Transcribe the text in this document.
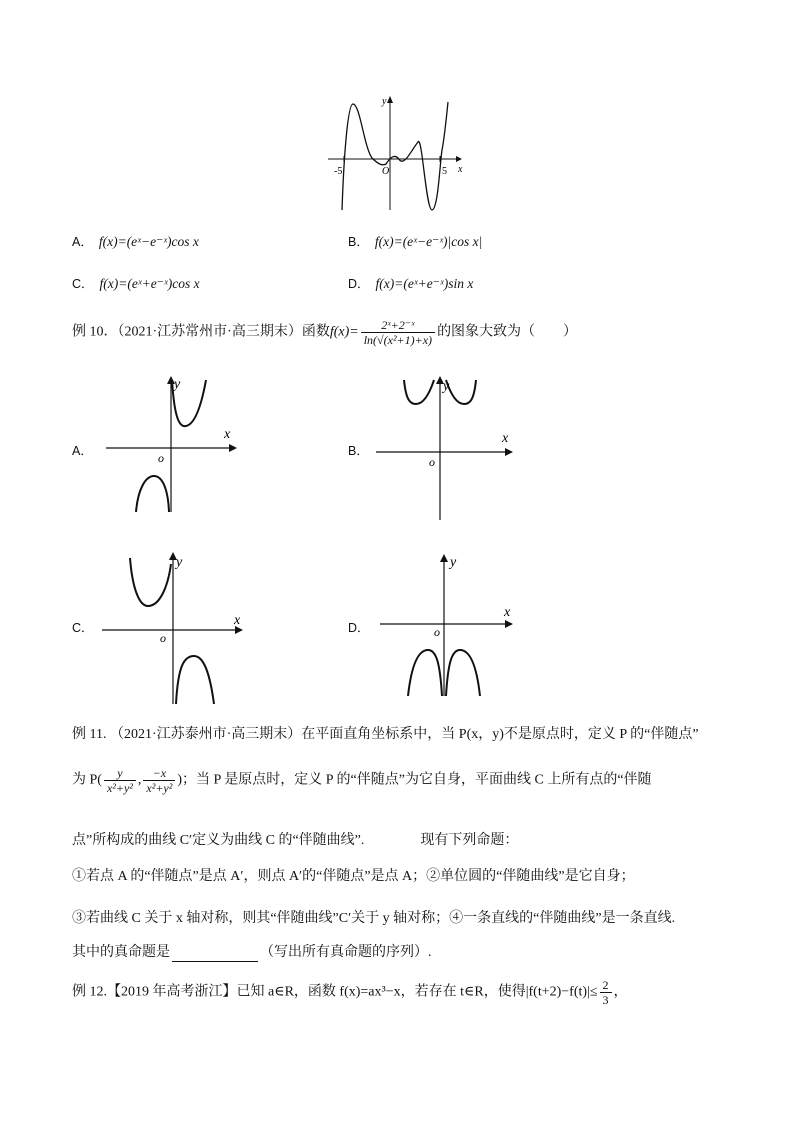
y
x
O
-5	5
A． f(x)=(eˣ−e⁻ˣ)cos x	B． f(x)=(eˣ−e⁻ˣ)|cos x|
C． f(x)=(eˣ+e⁻ˣ)cos x	D． f(x)=(eˣ+e⁻ˣ)sin x
例 10．（2021·江苏常州市·高三期末）函数$f(x)= \frac{\text{2ˣ+2⁻ˣ}}{\text{ln(√(x²+1)+x)}}$ 的图象大致为（　　）
A．
x
y
o	B．
x
y
o
C．	x
y
o
D．
x
y
o
例 11. （2021·江苏泰州市·高三期末）在平面直角坐标系中，当 P(x，y)不是原点时，定义 P 的“伴随点”
为 $P( \frac{y}{\text{x²+y²}}$ , $\frac{-x}{\text{x²+y²}}$ )；当 P 是原点时，定义 P 的“伴随点”为它自身，平面曲线 C 上所有点的“伴随
点”所构成的曲线 C′定义为曲线 C 的“伴随曲线”.　　　　现有下列命题：
①若点 A 的“伴随点”是点 A′，则点 A′的“伴随点”是点 A；②单位圆的“伴随曲线”是它自身；
③若曲线 C 关于 x 轴对称，则其“伴随曲线”C′关于 y 轴对称；④一条直线的“伴随曲线”是一条直线.
其中的真命题是	（写出所有真命题的序列）.
例 12.【2019 年高考浙江】已知 a∈R，函数 f(x)=ax³−x，若存在 t∈R，使得$|f(t+2)-f(t)|\le \frac{2}{3}$ ，
